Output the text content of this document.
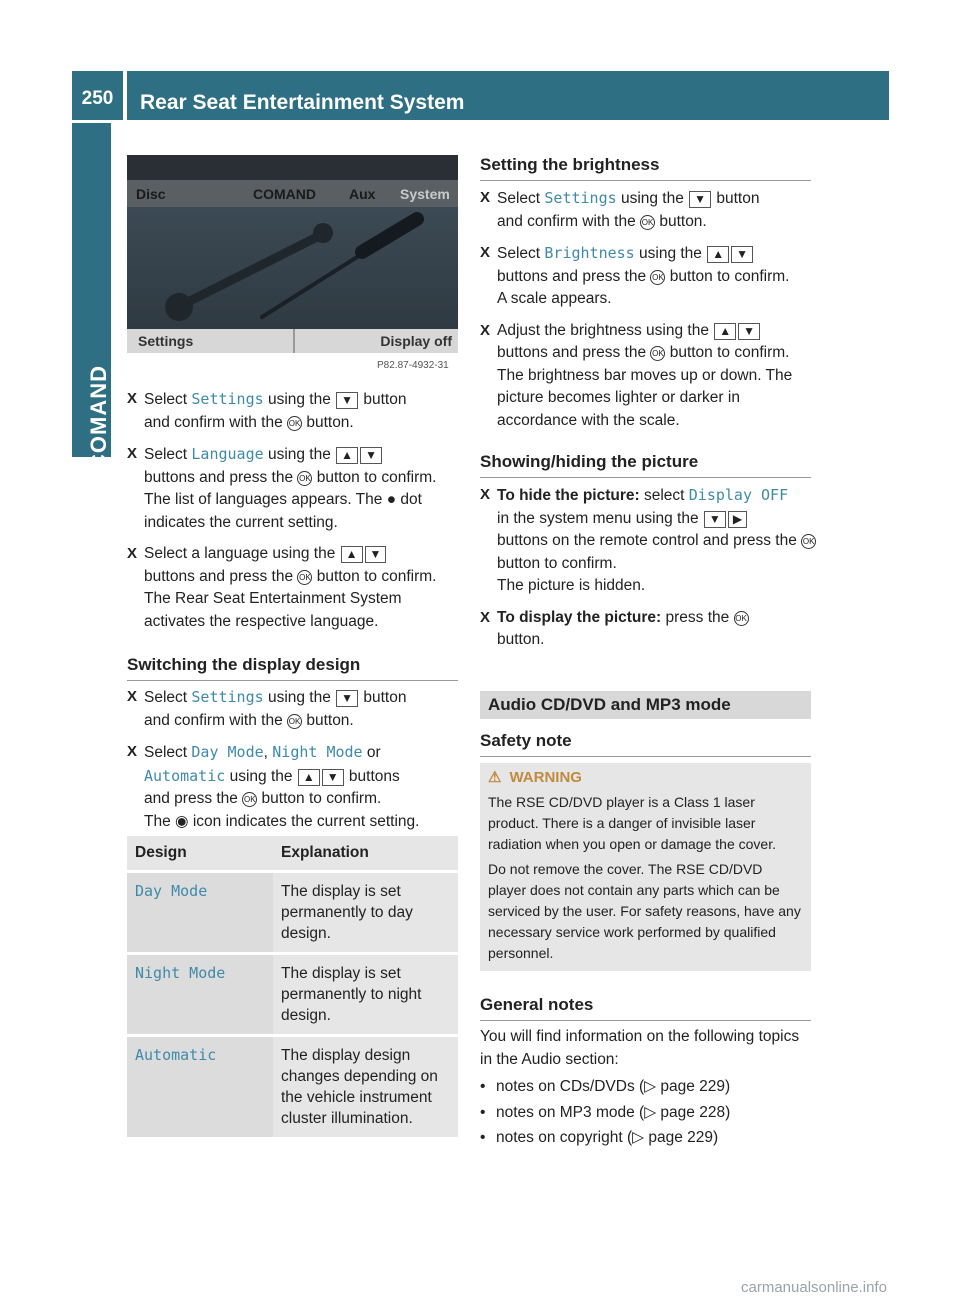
250	Rear Seat Entertainment System
COMAND
Disc	COMAND Aux System
Settings	Display off
P82.87-4932-31
X Select Settings using the ▼ button
and confirm with the OK button.
X Select Language using the ▲ ▼
buttons and press the OK button to confirm.
The list of languages appears. The ● dot indicates the current setting.
X Select a language using the ▲ ▼
buttons and press the OK button to confirm.
The Rear Seat Entertainment System activates the respective language.
Switching the display design
X Select Settings using the ▼ button
and confirm with the OK button.
X Select Day Mode, Night Mode or
Automatic using the ▲ ▼ buttons
and press the OK button to confirm.
The ◉ icon indicates the current setting.
Design	Explanation
Day Mode	The display is set permanently to day design.
Night Mode	The display is set permanently to night design.
Automatic	The display design changes depending on the vehicle instrument cluster illumination.
Setting the brightness
X Select Settings using the ▼ button
and confirm with the OK button.
X Select Brightness using the ▲ ▼
buttons and press the OK button to confirm.
A scale appears.
X Adjust the brightness using the ▲ ▼
buttons and press the OK button to confirm.
The brightness bar moves up or down. The picture becomes lighter or darker in accordance with the scale.
Showing/hiding the picture
X To hide the picture: select Display OFF
in the system menu using the ▼ ▶
buttons on the remote control and press the OK button to confirm.
The picture is hidden.
X To display the picture: press the OK
button.
Audio CD/DVD and MP3 mode
Safety note
⚠ WARNING
The RSE CD/DVD player is a Class 1 laser product. There is a danger of invisible laser radiation when you open or damage the cover.
Do not remove the cover. The RSE CD/DVD player does not contain any parts which can be serviced by the user. For safety reasons, have any necessary service work performed by qualified personnel.
General notes
You will find information on the following topics in the Audio section:
• notes on CDs/DVDs (▷ page 229)
• notes on MP3 mode (▷ page 228)
• notes on copyright (▷ page 229)
carmanualsonline.info
